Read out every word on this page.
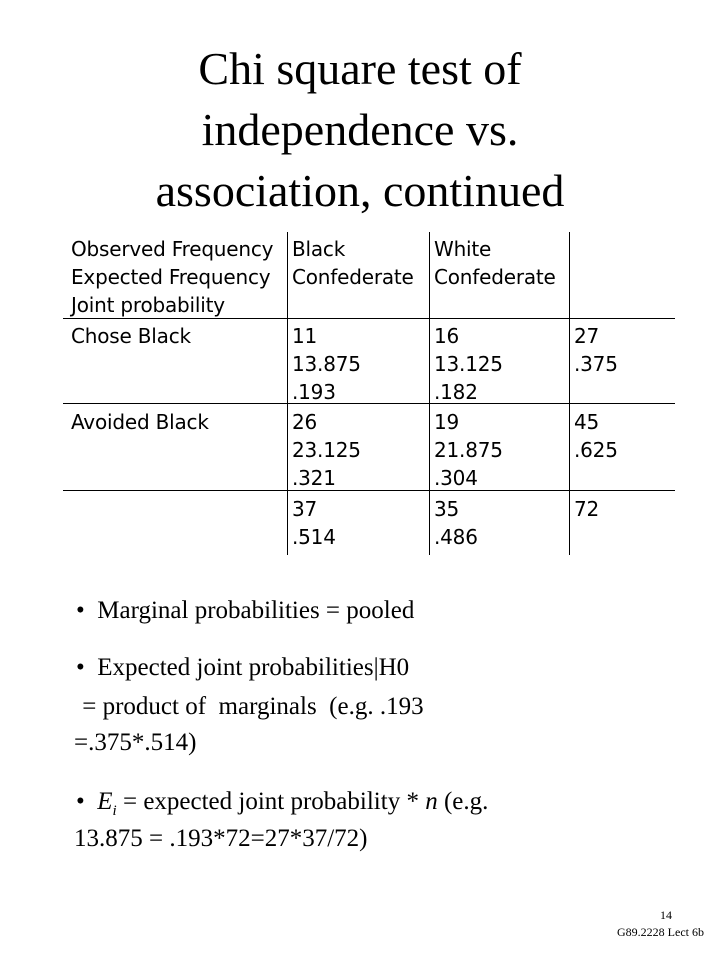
Chi square test of
independence vs.
association, continued
Observed Frequency
Expected Frequency
Joint probability
Black
Confederate
White
Confederate
Chose Black	11
13.875
.193
16
13.125
.182
27
.375
Avoided Black	26
23.125
.321
19
21.875
.304
45
.625
37
.514
35
.486
72
• Marginal probabilities = pooled
• Expected joint probabilities|H0
= product of  marginals  (e.g. .193
=.375*.514)
• $E_i$ = expected joint probability * n (e.g.
13.875 = .193*72=27*37/72)
14
G89.2228 Lect 6b
